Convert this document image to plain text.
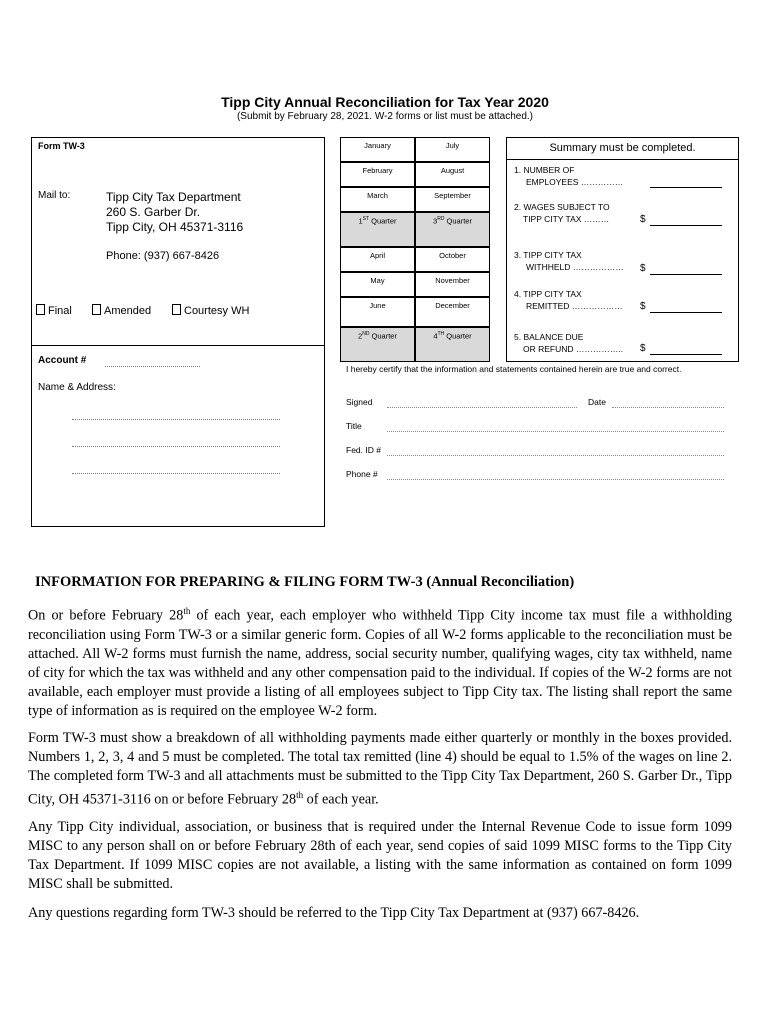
Tipp City Annual Reconciliation for Tax Year 2020
(Submit by February 28, 2021. W-2 forms or list must be attached.)
Form TW-3
Mail to:	Tipp City Tax Department
260 S. Garber Dr.
Tipp City, OH 45371-3116
Phone: (937) 667-8426
Final	Amended	Courtesy WH
Account #
Name & Address:
January	July
February	August
March	September
1ST Quarter	3RD Quarter
April	October
May	November
June	December
2ND Quarter	4TH Quarter
Summary must be completed.
1. NUMBER OF
EMPLOYEES ……………
2. WAGES SUBJECT TO
TIPP CITY TAX ………	$
3. TIPP CITY TAX
WITHHELD ……………… $
4. TIPP CITY TAX
REMITTED ……………… $
5. BALANCE DUE
OR REFUND …………….. $
I hereby certify that the information and statements contained herein are true and correct.
Signed	Date
Title
Fed. ID #
Phone #
INFORMATION FOR PREPARING & FILING FORM TW-3 (Annual Reconciliation)
On or before February 28th of each year, each employer who withheld Tipp City income tax must file a withholding reconciliation using Form TW-3 or a similar generic form. Copies of all W-2 forms applicable to the reconciliation must be attached. All W-2 forms must furnish the name, address, social security number, qualifying wages, city tax withheld, name of city for which the tax was withheld and any other compensation paid to the individual. If copies of the W-2 forms are not available, each employer must provide a listing of all employees subject to Tipp City tax. The listing shall report the same type of information as is required on the employee W-2 form.
Form TW-3 must show a breakdown of all withholding payments made either quarterly or monthly in the boxes provided. Numbers 1, 2, 3, 4 and 5 must be completed. The total tax remitted (line 4) should be equal to 1.5% of the wages on line 2. The completed form TW-3 and all attachments must be submitted to the Tipp City Tax Department, 260 S. Garber Dr., Tipp City, OH 45371-3116 on or before February 28th of each year.
Any Tipp City individual, association, or business that is required under the Internal Revenue Code to issue form 1099 MISC to any person shall on or before February 28th of each year, send copies of said 1099 MISC forms to the Tipp City Tax Department. If 1099 MISC copies are not available, a listing with the same information as contained on form 1099 MISC shall be submitted.
Any questions regarding form TW-3 should be referred to the Tipp City Tax Department at (937) 667-8426.
